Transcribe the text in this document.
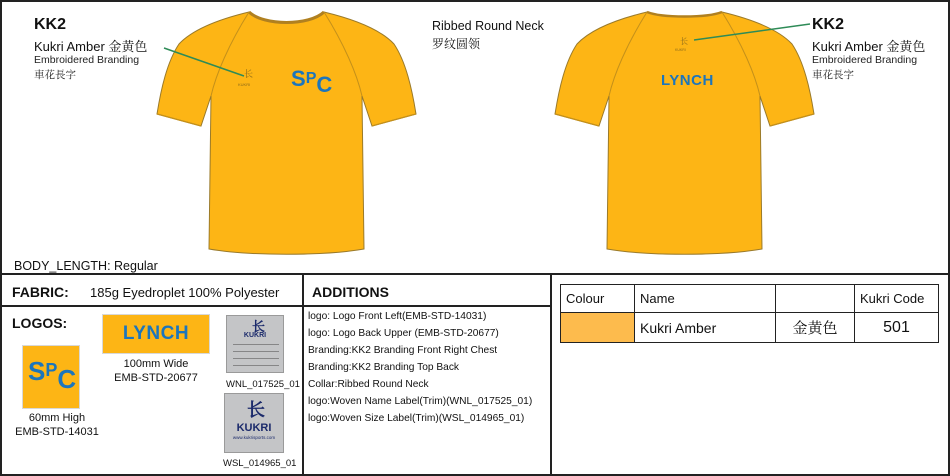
KK2
Kukri Amber 金黄色
Embroidered Branding
車花長字
Ribbed Round Neck
罗纹圆领
KK2
Kukri Amber 金黄色
Embroidered Branding
車花長字
长
KUKRI SPC
长
KUKRI
LYNCH
BODY_LENGTH: Regular
FABRIC: 185g Eyedroplet 100% Polyester
LOGOS:	LYNCH
100mm Wide
EMB-STD-20677
SPC
60mm High
EMB-STD-14031
长
KUKRI
WNL_017525_01
长
KUKRI
www.kukrisports.com
WSL_014965_01
ADDITIONS
logo: Logo Front Left(EMB-STD-14031)
logo: Logo Back Upper (EMB-STD-20677)
Branding:KK2 Branding Front Right Chest
Branding:KK2 Branding Top Back
Collar:Ribbed Round Neck
logo:Woven Name Label(Trim)(WNL_017525_01)
logo:Woven Size Label(Trim)(WSL_014965_01)
Colour	Name		Kukri Code
	Kukri Amber	金黄色	501
